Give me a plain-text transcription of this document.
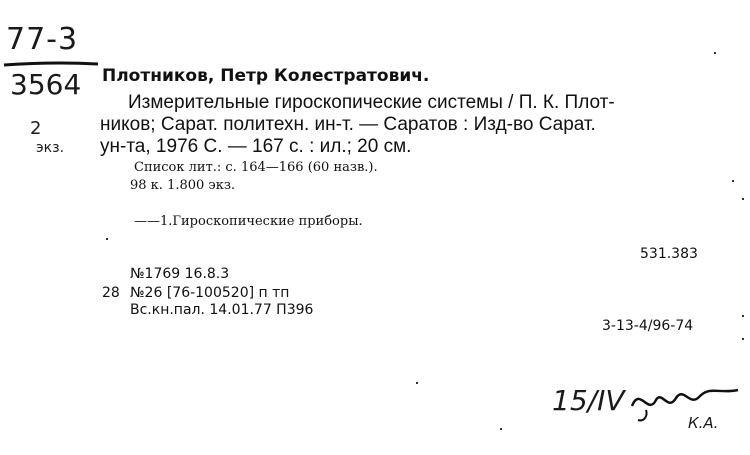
77-3
3564
2
экз.
Плотников, Петр Колестратович.
Измерительные гироскопические системы / П. К. Плот-
ников; Сарат. политехн. ин-т. — Саратов : Изд-во Сарат.
ун-та, 1976 С. — 167 с. : ил.; 20 см.
Список лит.: с. 164—166 (60 назв.).
98 к. 1.800 экз.
——1.Гироскопические приборы.
531.383
№1769 16.8.3
28 №26 [76-100520] п тп
Вс.кн.пал. 14.01.77 П396
3-13-4/96-74
15/IV
К.А.
